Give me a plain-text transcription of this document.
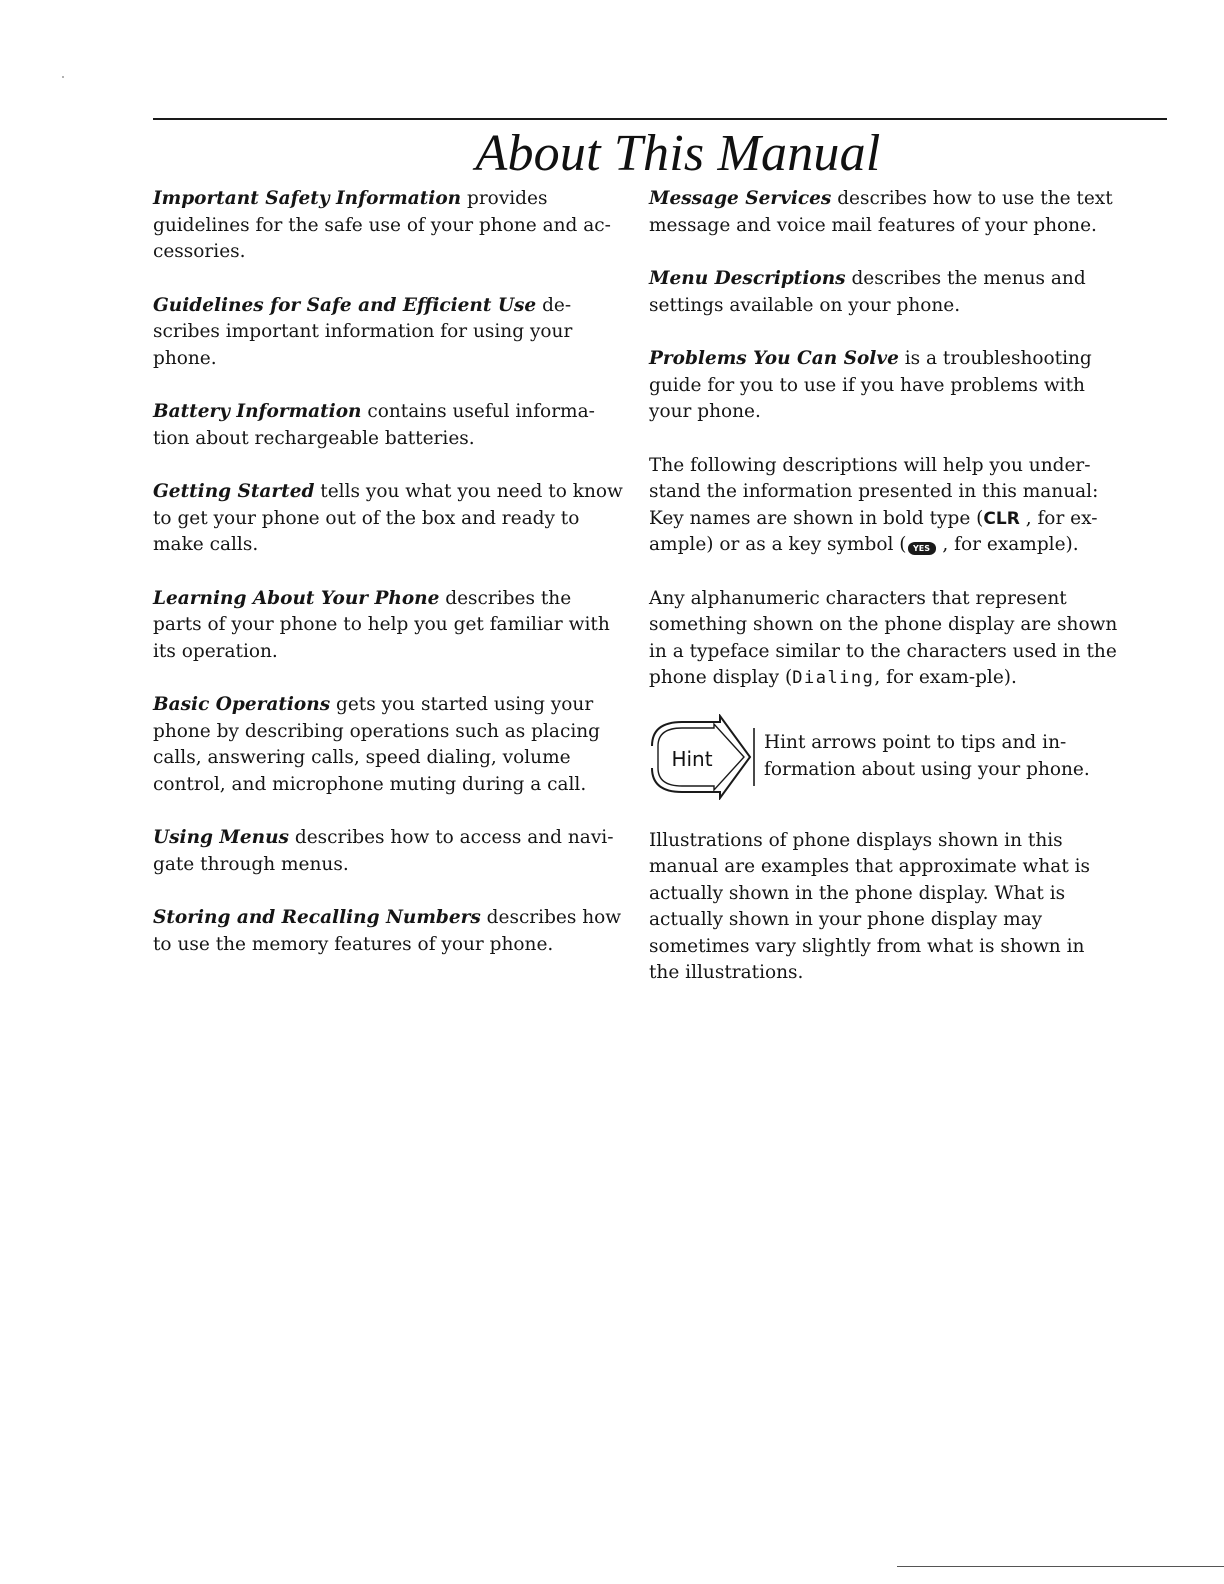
About This Manual

Important Safety Information provides guidelines for the safe use of your phone and ac-cessories.

Guidelines for Safe and Efficient Use de-scribes important information for using your phone.

Battery Information contains useful informa-tion about rechargeable batteries.

Getting Started tells you what you need to know to get your phone out of the box and ready to make calls.

Learning About Your Phone describes the parts of your phone to help you get familiar with its operation.

Basic Operations gets you started using your phone by describing operations such as placing calls, answering calls, speed dialing, volume control, and microphone muting during a call.

Using Menus describes how to access and navi-gate through menus.

Storing and Recalling Numbers describes how to use the memory features of your phone.

Message Services describes how to use the text message and voice mail features of your phone.

Menu Descriptions describes the menus and settings available on your phone.

Problems You Can Solve is a troubleshooting guide for you to use if you have problems with your phone.

The following descriptions will help you under-stand the information presented in this manual:

Key names are shown in bold type (CLR , for ex-ample) or as a key symbol ( YES , for example).

Any alphanumeric characters that represent something shown on the phone display are shown in a typeface similar to the characters used in the phone display (Dialing, for exam-ple).

Hint
Hint arrows point to tips and in-formation about using your phone.

Illustrations of phone displays shown in this manual are examples that approximate what is actually shown in the phone display. What is actually shown in your phone display may sometimes vary slightly from what is shown in the illustrations.
